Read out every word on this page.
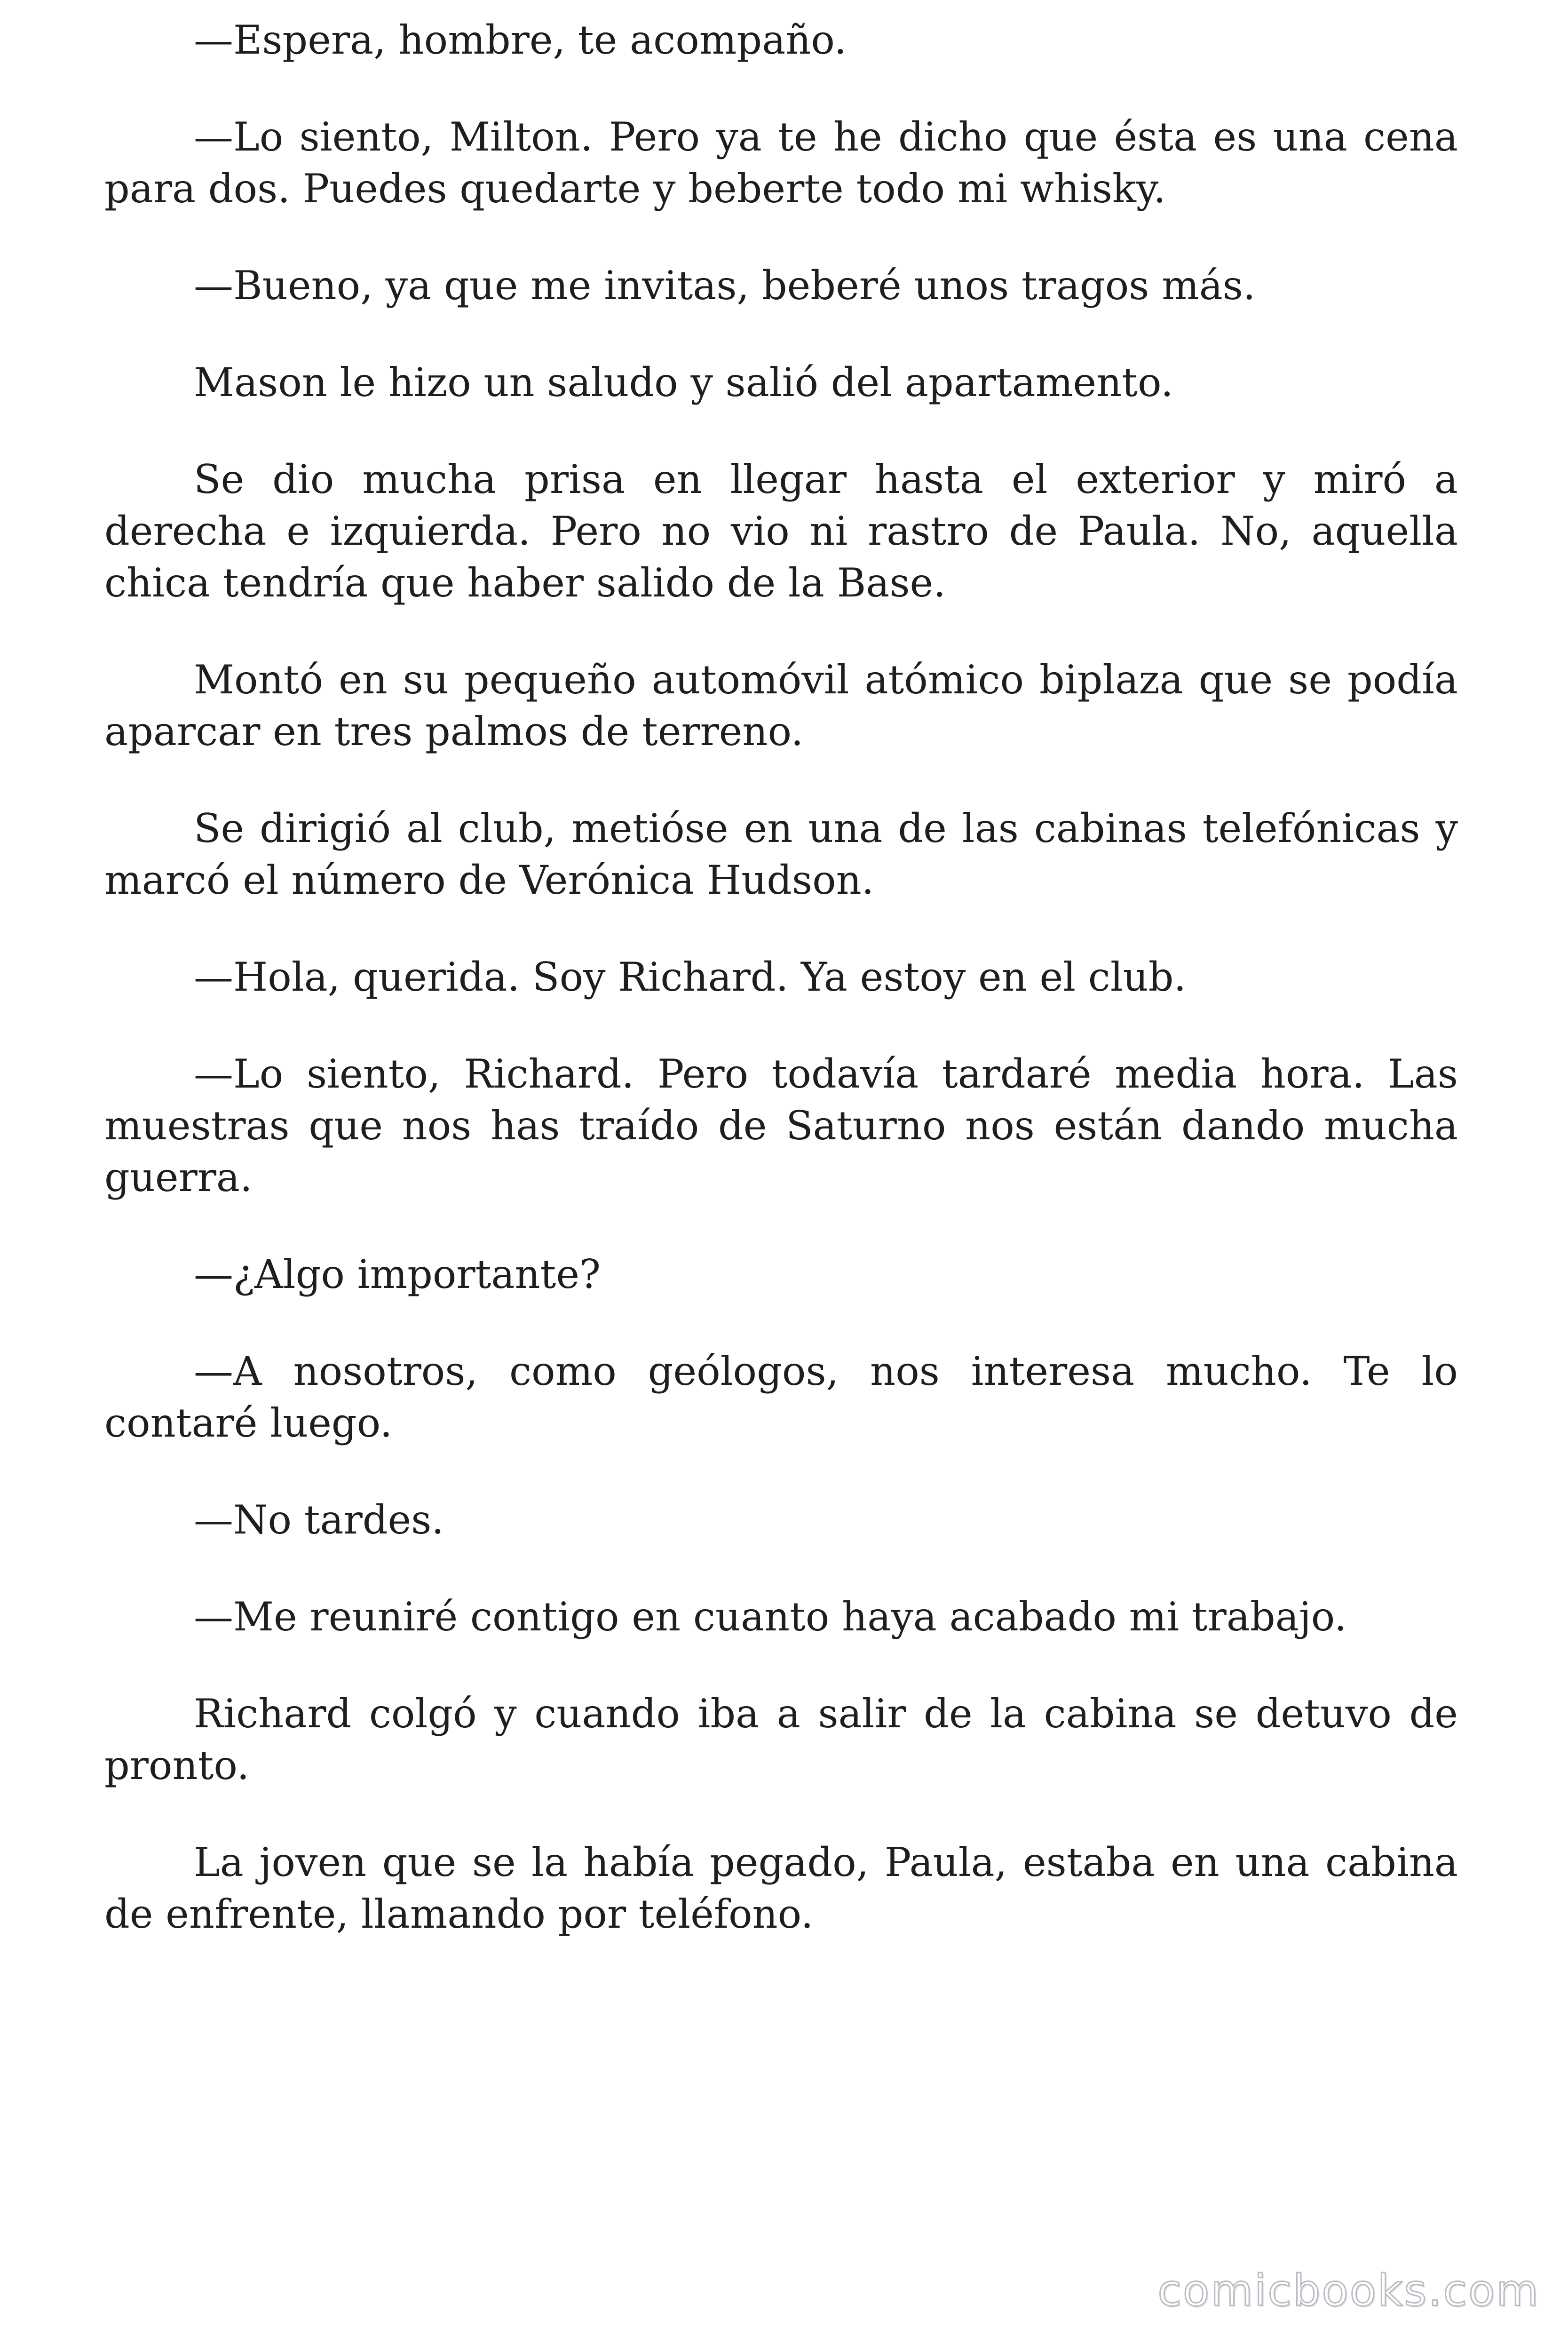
—Espera, hombre, te acompaño.

—Lo siento, Milton. Pero ya te he dicho que ésta es una cena para dos. Puedes quedarte y beberte todo mi whisky.

—Bueno, ya que me invitas, beberé unos tragos más.

Mason le hizo un saludo y salió del apartamento.

Se dio mucha prisa en llegar hasta el exterior y miró a derecha e izquierda. Pero no vio ni rastro de Paula. No, aquella chica tendría que haber salido de la Base.

Montó en su pequeño automóvil atómico biplaza que se podía aparcar en tres palmos de terreno.

Se dirigió al club, metióse en una de las cabinas telefónicas y marcó el número de Verónica Hudson.

—Hola, querida. Soy Richard. Ya estoy en el club.

—Lo siento, Richard. Pero todavía tardaré media hora. Las muestras que nos has traído de Saturno nos están dando mucha guerra.

—¿Algo importante?

—A nosotros, como geólogos, nos interesa mucho. Te lo contaré luego.

—No tardes.

—Me reuniré contigo en cuanto haya acabado mi trabajo.

Richard colgó y cuando iba a salir de la cabina se detuvo de pronto.

La joven que se la había pegado, Paula, estaba en una cabina de enfrente, llamando por teléfono.

comicbooks.com
